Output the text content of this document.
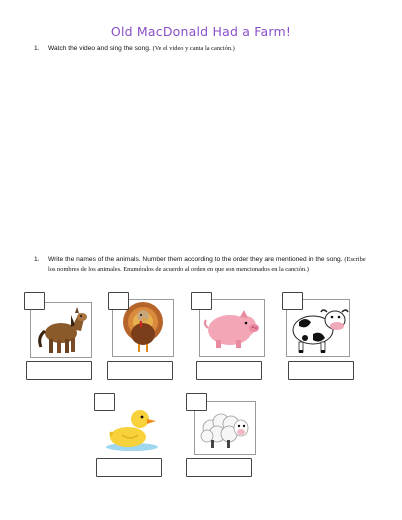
Old MacDonald Had a Farm!
1.	Watch the video and sing the song. (Ve el video y canta la canción.)
1.	Write the names of the animals. Number them according to the order they are mentioned in the song. (Escribe los nombres de los animales. Enuméralos de acuerdo al orden en que son mencionados en la canción.)
